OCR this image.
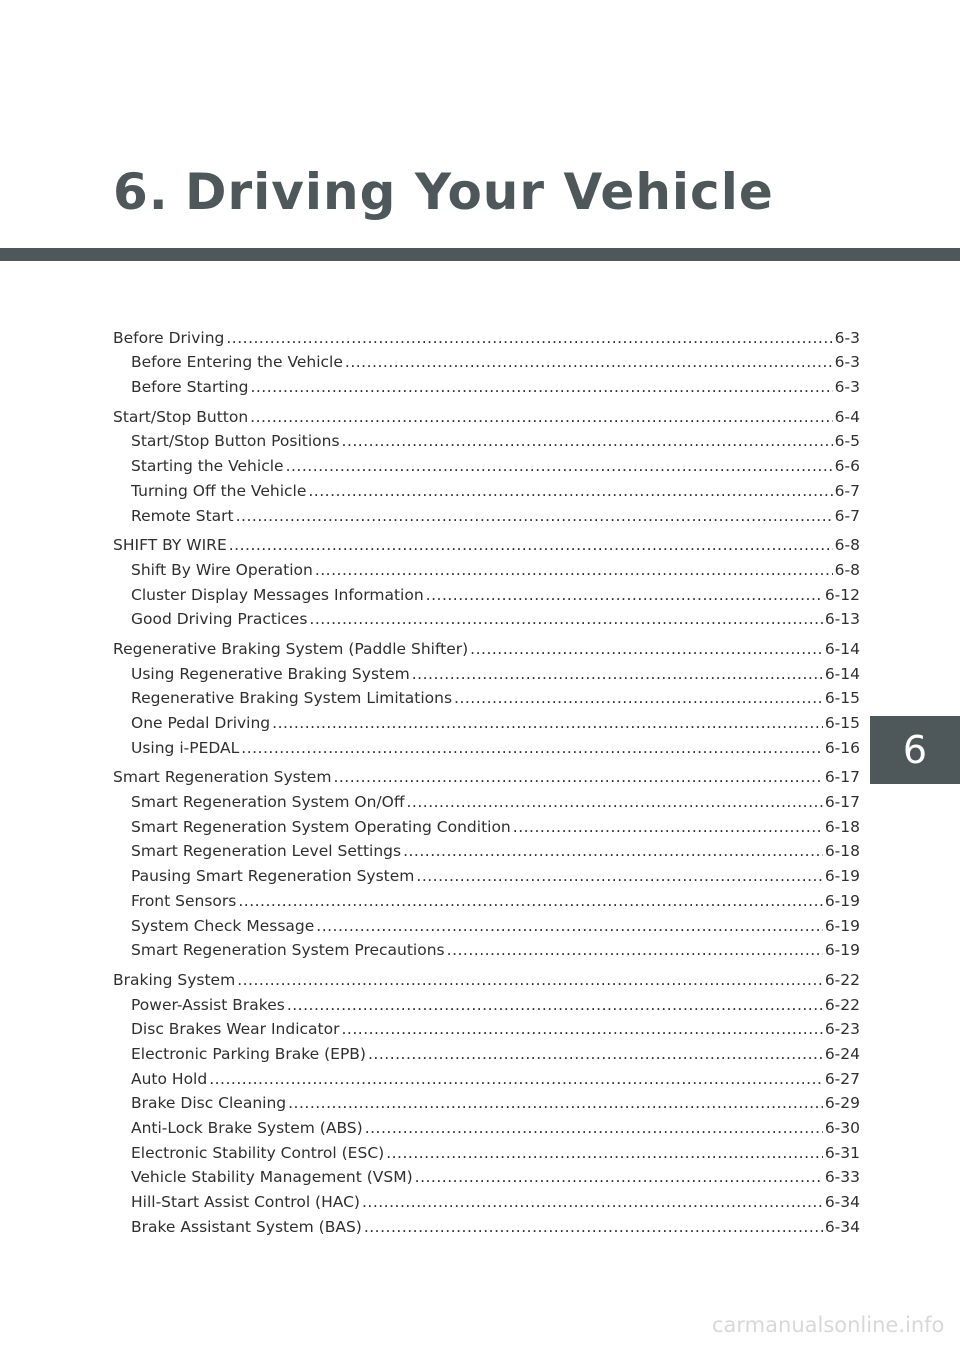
6. Driving Your Vehicle
Before Driving .....	6-3
Before Entering the Vehicle .....	6-3
Before Starting .....	6-3
Start/Stop Button .....	6-4
Start/Stop Button Positions .....	6-5
Starting the Vehicle .....	6-6
Turning Off the Vehicle .....	6-7
Remote Start .....	6-7
SHIFT BY WIRE .....	6-8
Shift By Wire Operation .....	6-8
Cluster Display Messages Information .....	6-12
Good Driving Practices .....	6-13
Regenerative Braking System (Paddle Shifter) .....	6-14
Using Regenerative Braking System .....	6-14
Regenerative Braking System Limitations .....	6-15
One Pedal Driving .....	6-15
Using i-PEDAL .....	6-16
Smart Regeneration System .....	6-17
Smart Regeneration System On/Off .....	6-17
Smart Regeneration System Operating Condition .....	6-18
Smart Regeneration Level Settings .....	6-18
Pausing Smart Regeneration System .....	6-19
Front Sensors .....	6-19
System Check Message .....	6-19
Smart Regeneration System Precautions .....	6-19
Braking System .....	6-22
Power-Assist Brakes .....	6-22
Disc Brakes Wear Indicator .....	6-23
Electronic Parking Brake (EPB) .....	6-24
Auto Hold .....	6-27
Brake Disc Cleaning .....	6-29
Anti-Lock Brake System (ABS) .....	6-30
Electronic Stability Control (ESC) .....	6-31
Vehicle Stability Management (VSM) .....	6-33
Hill-Start Assist Control (HAC) .....	6-34
Brake Assistant System (BAS) .....	6-34
6
carmanualsonline.info
